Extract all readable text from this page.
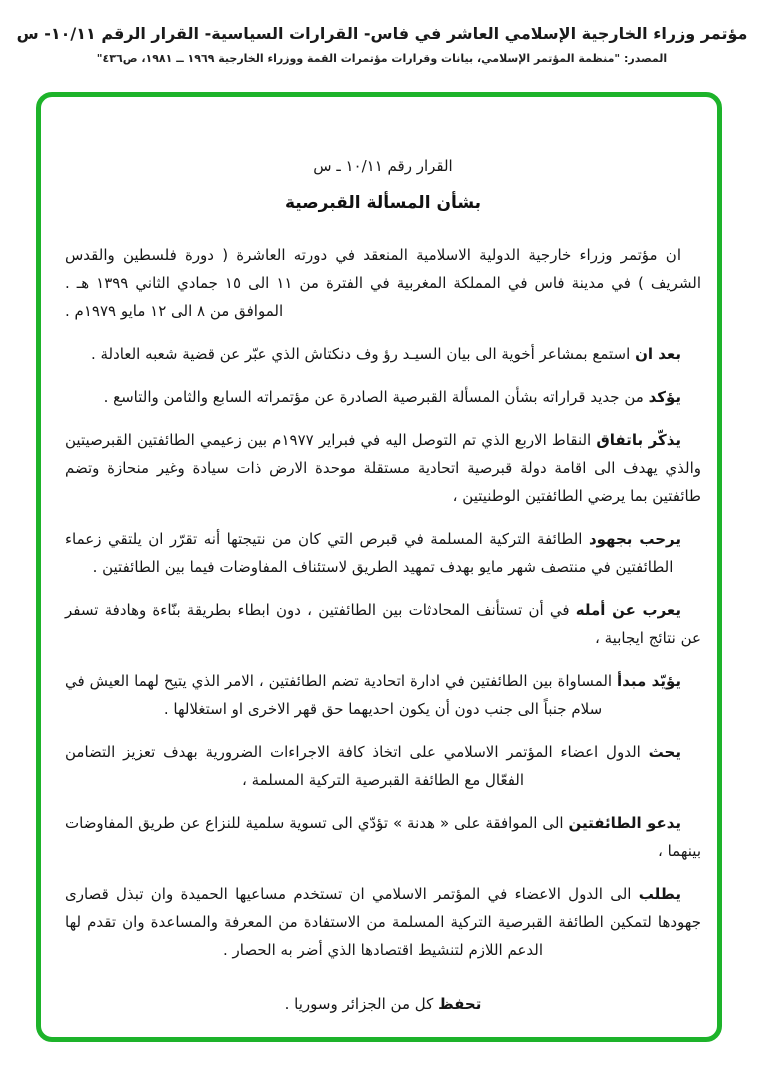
مؤتمر وزراء الخارجية الإسلامي العاشر في فاس- القرارات السياسية- القرار الرقم ١٠/١١- س
المصدر: "منظمة المؤتمر الإسلامي، بيانات وقرارات مؤتمرات القمة ووزراء الخارجية ١٩٦٩ ــ ١٩٨١، ص٤٣٦"
القرار رقم ١٠/١١ ـ س
بشأن المسألة القبرصية

ان مؤتمر وزراء خارجية الدولية الاسلامية المنعقد في دورته العاشرة ( دورة فلسطين والقدس الشريف ) في مدينة فاس في المملكة المغربية في الفترة من ١١ الى ١٥ جمادي الثاني ١٣٩٩ هـ . الموافق من ٨ الى ١٢ مايو ١٩٧٩م .

بعد ان استمع بمشاعر أخوية الى بيان السيـد رؤ وف دنكتاش الذي عبّر عن قضية شعبه العادلة .

يؤكد من جديد قراراته بشأن المسألة القبرصية الصادرة عن مؤتمراته السابع والثامن والتاسع .

يذكّر باتفاق النقاط الاربع الذي تم التوصل اليه في فبراير ١٩٧٧م بين زعيمي الطائفتين القبرصيتين والذي يهدف الى اقامة دولة قبرصية اتحادية مستقلة موحدة الارض ذات سيادة وغير منحازة وتضم طائفتين بما يرضي الطائفتين الوطنيتين ،

يرحب بجهود الطائفة التركية المسلمة في قبرص التي كان من نتيجتها أنه تقرّر ان يلتقي زعماء الطائفتين في منتصف شهر مايو بهدف تمهيد الطريق لاستئناف المفاوضات فيما بين الطائفتين .

يعرب عن أمله في أن تستأنف المحادثات بين الطائفتين ، دون ابطاء بطريقة بنّاءة وهادفة تسفر عن نتائج ايجابية ،

يؤيّد مبدأ المساواة بين الطائفتين في ادارة اتحادية تضم الطائفتين ، الامر الذي يتيح لهما العيش في سلام جنباً الى جنب دون أن يكون احديهما حق قهر الاخرى او استغلالها .

يحث الدول اعضاء المؤتمر الاسلامي على اتخاذ كافة الاجراءات الضرورية بهدف تعزيز التضامن الفعّال مع الطائفة القبرصية التركية المسلمة ،

يدعو الطائفتين الى الموافقة على « هدنة » تؤدّي الى تسوية سلمية للنزاع عن طريق المفاوضات بينهما ،

يطلب الى الدول الاعضاء في المؤتمر الاسلامي ان تستخدم مساعيها الحميدة وان تبذل قصارى جهودها لتمكين الطائفة القبرصية التركية المسلمة من الاستفادة من المعرفة والمساعدة وان تقدم لها الدعم اللازم لتنشيط اقتصادها الذي أضر به الحصار .

تحفظ كل من الجزائر وسوريا .
